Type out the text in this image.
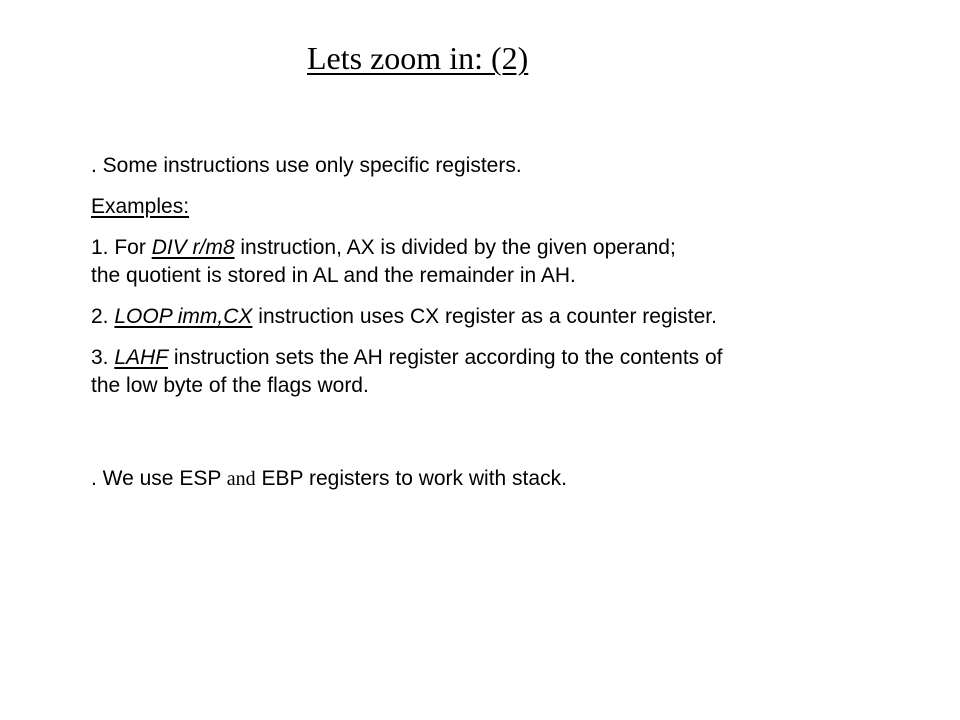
Lets zoom in: (2)

. Some instructions use only specific registers.

Examples:

1. For DIV r/m8 instruction, AX is divided by the given operand;
the quotient is stored in AL and the remainder in AH.

2. LOOP imm,CX instruction uses CX register as a counter register.

3. LAHF instruction sets the AH register according to the contents of
the low byte of the flags word.

. We use ESP and EBP registers to work with stack.
